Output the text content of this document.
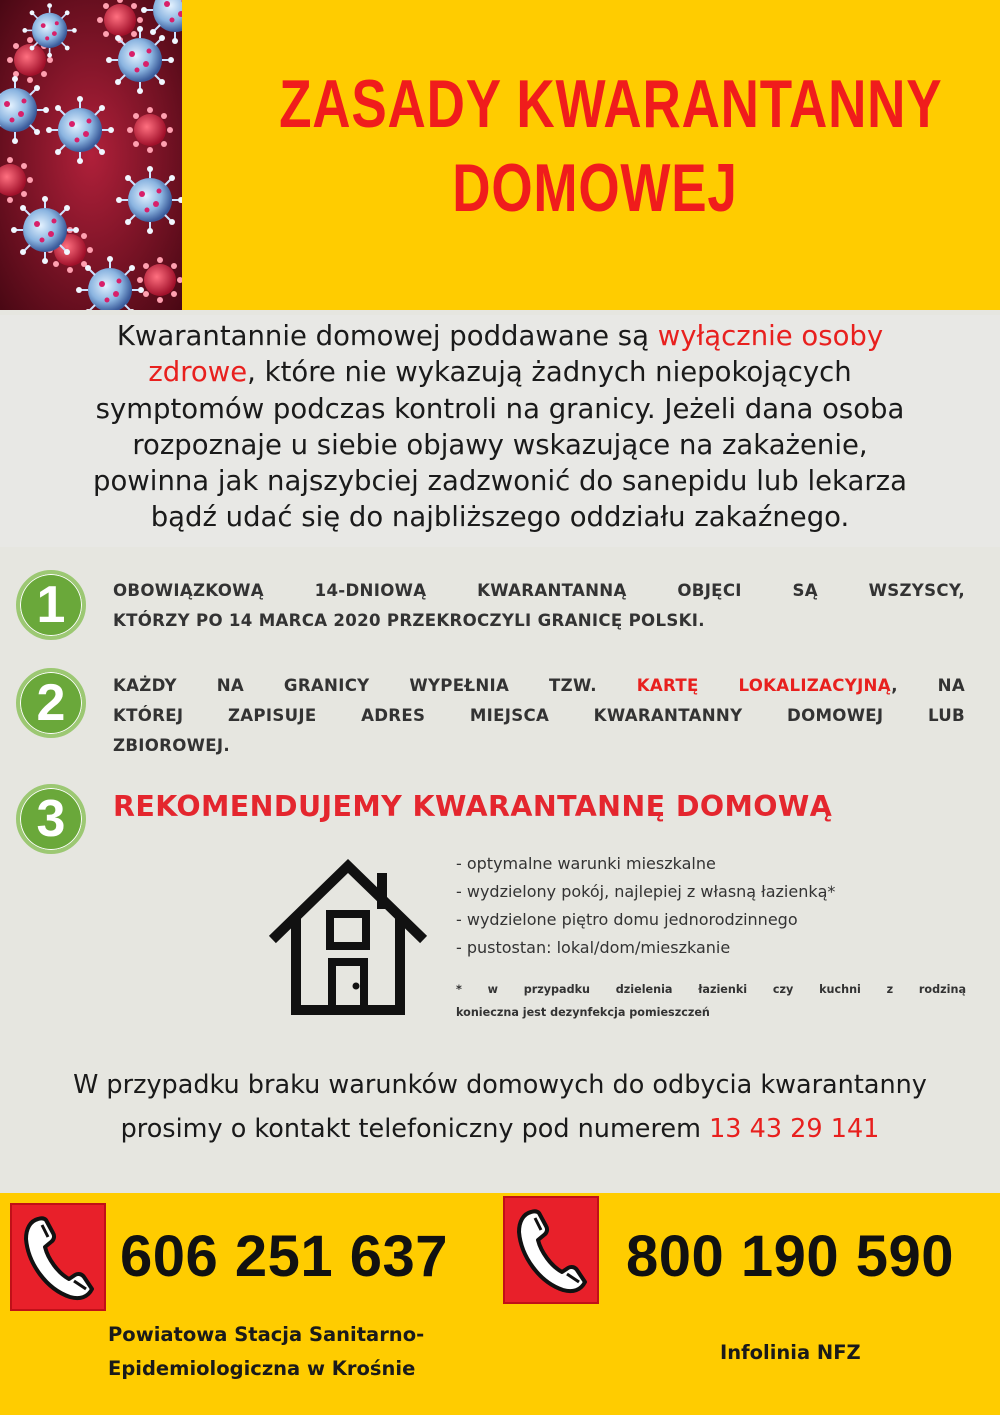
ZASADY KWARANTANNY
DOMOWEJ
Kwarantannie domowej poddawane są wyłącznie osoby
zdrowe, które nie wykazują żadnych niepokojących
symptomów podczas kontroli na granicy. Jeżeli dana osoba
rozpoznaje u siebie objawy wskazujące na zakażenie,
powinna jak najszybciej zadzwonić do sanepidu lub lekarza
bądź udać się do najbliższego oddziału zakaźnego.
1	OBOWIĄZKOWĄ 14-DNIOWĄ KWARANTANNĄ OBJĘCI SĄ WSZYSCY,
KTÓRZY PO 14 MARCA 2020 PRZEKROCZYLI GRANICĘ POLSKI.
2	KAŻDY NA GRANICY WYPEŁNIA TZW. KARTĘ LOKALIZACYJNĄ, NA
KTÓREJ ZAPISUJE ADRES MIEJSCA KWARANTANNY DOMOWEJ LUB
ZBIOROWEJ.
3	REKOMENDUJEMY KWARANTANNĘ DOMOWĄ
- optymalne warunki mieszkalne
- wydzielony pokój, najlepiej z własną łazienką*
- wydzielone piętro domu jednorodzinnego
- pustostan: lokal/dom/mieszkanie
* w przypadku dzielenia łazienki czy kuchni z rodziną
konieczna jest dezynfekcja pomieszczeń
W przypadku braku warunków domowych do odbycia kwarantanny
prosimy o kontakt telefoniczny pod numerem 13 43 29 141
606 251 637	800 190 590
Powiatowa Stacja Sanitarno-
Epidemiologiczna w Krośnie
Infolinia NFZ
